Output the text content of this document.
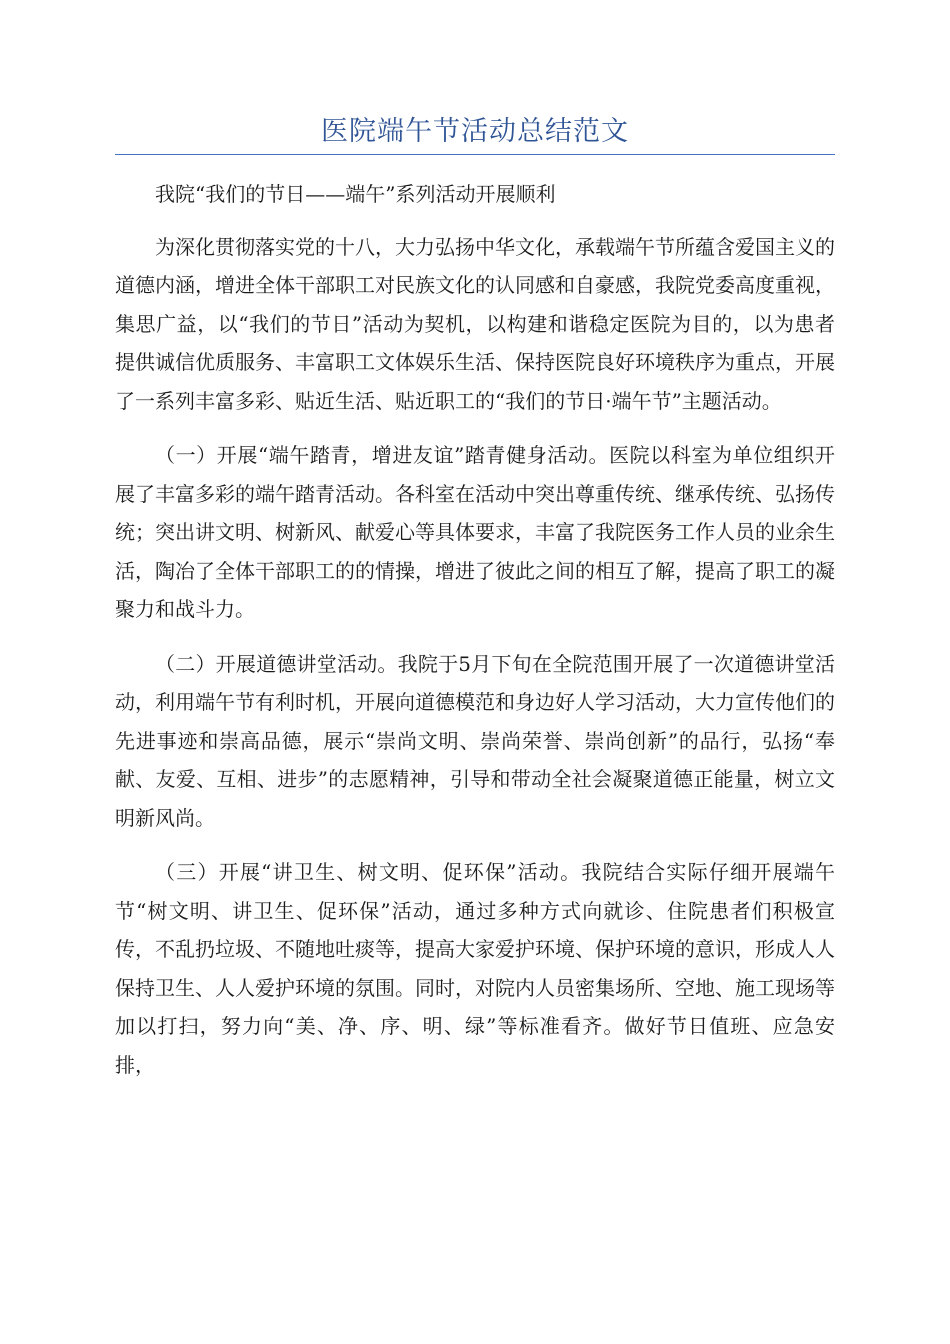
医院端午节活动总结范文

我院“我们的节日——端午”系列活动开展顺利

为深化贯彻落实党的十八，大力弘扬中华文化，承载端午节所蕴含爱国主义的道德内涵，增进全体干部职工对民族文化的认同感和自豪感，我院党委高度重视，集思广益，以“我们的节日”活动为契机，以构建和谐稳定医院为目的，以为患者提供诚信优质服务、丰富职工文体娱乐生活、保持医院良好环境秩序为重点，开展了一系列丰富多彩、贴近生活、贴近职工的“我们的节日·端午节”主题活动。

（一）开展“端午踏青，增进友谊”踏青健身活动。医院以科室为单位组织开展了丰富多彩的端午踏青活动。各科室在活动中突出尊重传统、继承传统、弘扬传统；突出讲文明、树新风、献爱心等具体要求，丰富了我院医务工作人员的业余生活，陶冶了全体干部职工的的情操，增进了彼此之间的相互了解，提高了职工的凝聚力和战斗力。

（二）开展道德讲堂活动。我院于5月下旬在全院范围开展了一次道德讲堂活动，利用端午节有利时机，开展向道德模范和身边好人学习活动，大力宣传他们的先进事迹和崇高品德，展示“崇尚文明、崇尚荣誉、崇尚创新”的品行，弘扬“奉献、友爱、互相、进步”的志愿精神，引导和带动全社会凝聚道德正能量，树立文明新风尚。

（三）开展“讲卫生、树文明、促环保”活动。我院结合实际仔细开展端午节“树文明、讲卫生、促环保”活动，通过多种方式向就诊、住院患者们积极宣传，不乱扔垃圾、不随地吐痰等，提高大家爱护环境、保护环境的意识，形成人人保持卫生、人人爱护环境的氛围。同时，对院内人员密集场所、空地、施工现场等加以打扫，努力向“美、净、序、明、绿”等标准看齐。做好节日值班、应急安排，
